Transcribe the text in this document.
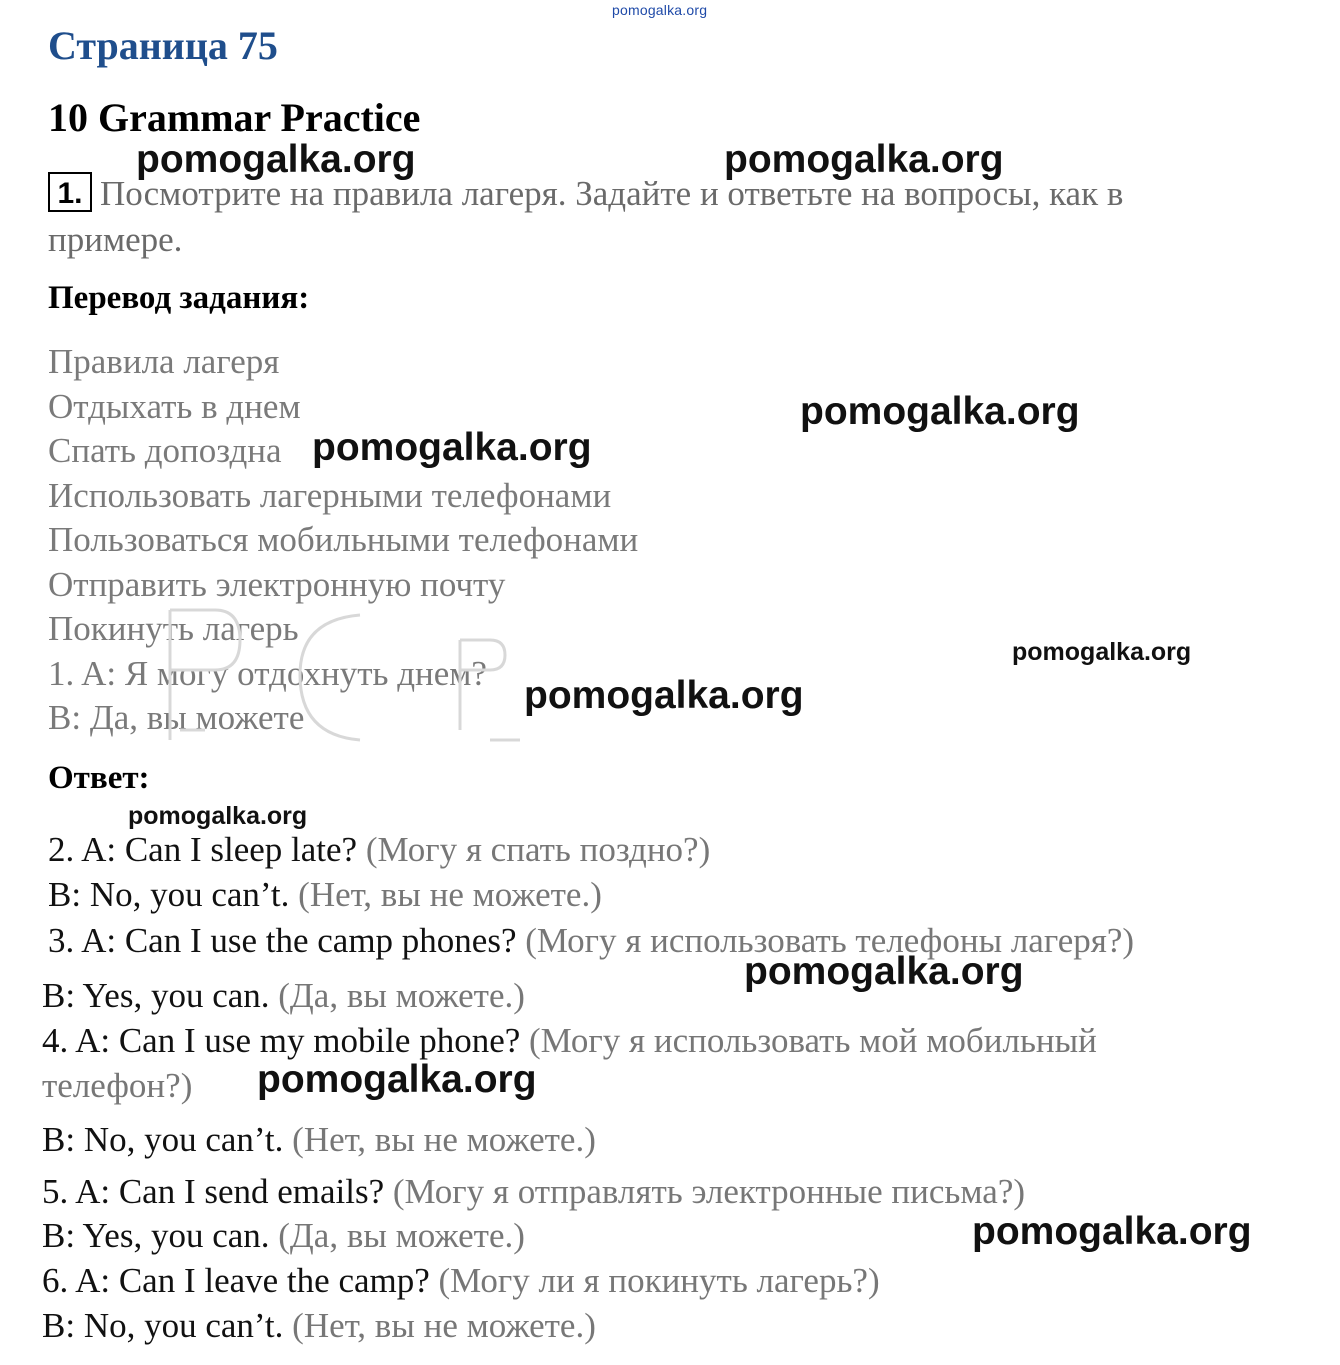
pomogalka.org
Страница 75
10 Grammar Practice
1. Посмотрите на правила лагеря. Задайте и ответьте на вопросы, как в
примере.
Перевод задания:
Правила лагеря
Отдыхать в днем
Спать допоздна
Использовать лагерными телефонами
Пользоваться мобильными телефонами
Отправить электронную почту
Покинуть лагерь
1. A: Я могу отдохнуть днем?
B: Да, вы можете
Ответ:
2. A: Can I sleep late? (Могу я спать поздно?)
B: No, you can’t. (Нет, вы не можете.)
3. A: Can I use the camp phones? (Могу я использовать телефоны лагеря?)
B: Yes, you can. (Да, вы можете.)
4. A: Can I use my mobile phone? (Могу я использовать мой мобильный
телефон?)
B: No, you can’t. (Нет, вы не можете.)
5. A: Can I send emails? (Могу я отправлять электронные письма?)
B: Yes, you can. (Да, вы можете.)
6. A: Can I leave the camp? (Могу ли я покинуть лагерь?)
B: No, you can’t. (Нет, вы не можете.)
pomogalka.org	pomogalka.org
pomogalka.org
pomogalka.org
pomogalka.org
pomogalka.org
pomogalka.org
pomogalka.org
pomogalka.org
pomogalka.org
